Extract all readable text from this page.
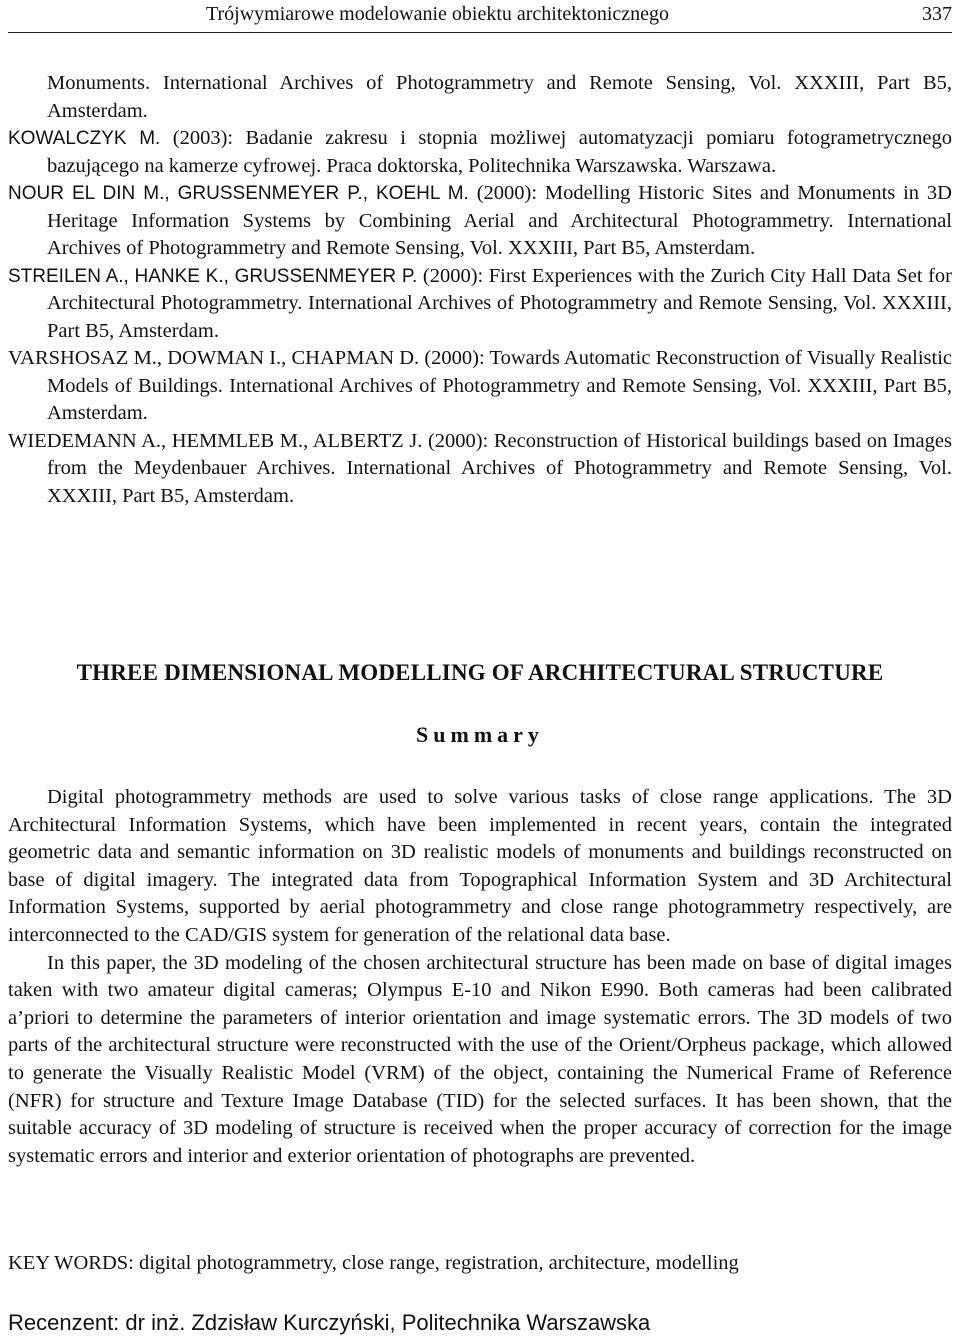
Trójwymiarowe modelowanie obiektu architektonicznego	337

Monuments. International Archives of Photogrammetry and Remote Sensing, Vol. XXXIII, Part B5, Amsterdam.

KOWALCZYK M. (2003): Badanie zakresu i stopnia możliwej automatyzacji pomiaru fotogrametrycznego bazującego na kamerze cyfrowej. Praca doktorska, Politechnika Warszawska. Warszawa.

NOUR EL DIN M., GRUSSENMEYER P., KOEHL M. (2000): Modelling Historic Sites and Monuments in 3D Heritage Information Systems by Combining Aerial and Architectural Photogrammetry. International Archives of Photogrammetry and Remote Sensing, Vol. XXXIII, Part B5, Amsterdam.

STREILEN A., HANKE K., GRUSSENMEYER P. (2000): First Experiences with the Zurich City Hall Data Set for Architectural Photogrammetry. International Archives of Photogrammetry and Remote Sensing, Vol. XXXIII, Part B5, Amsterdam.

VARSHOSAZ M., DOWMAN I., CHAPMAN D. (2000): Towards Automatic Reconstruction of Visually Realistic Models of Buildings. International Archives of Photogrammetry and Remote Sensing, Vol. XXXIII, Part B5, Amsterdam.

WIEDEMANN A., HEMMLEB M., ALBERTZ J. (2000): Reconstruction of Historical buildings based on Images from the Meydenbauer Archives. International Archives of Photogrammetry and Remote Sensing, Vol. XXXIII, Part B5, Amsterdam.

THREE DIMENSIONAL MODELLING OF ARCHITECTURAL STRUCTURE
Summary

Digital photogrammetry methods are used to solve various tasks of close range applications. The 3D Architectural Information Systems, which have been implemented in recent years, contain the integrated geometric data and semantic information on 3D realistic models of monuments and buildings reconstructed on base of digital imagery. The integrated data from Topographical Information System and 3D Architectural Information Systems, supported by aerial photogrammetry and close range photogrammetry respectively, are interconnected to the CAD/GIS system for generation of the relational data base.

In this paper, the 3D modeling of the chosen architectural structure has been made on base of digital images taken with two amateur digital cameras; Olympus E-10 and Nikon E990. Both cameras had been calibrated a’priori to determine the parameters of interior orientation and image systematic errors. The 3D models of two parts of the architectural structure were reconstructed with the use of the Orient/Orpheus package, which allowed to generate the Visually Realistic Model (VRM) of the object, containing the Numerical Frame of Reference (NFR) for structure and Texture Image Database (TID) for the selected surfaces. It has been shown, that the suitable accuracy of 3D modeling of structure is received when the proper accuracy of correction for the image systematic errors and interior and exterior orientation of photographs are prevented.

KEY WORDS: digital photogrammetry, close range, registration, architecture, modelling
Recenzent: dr inż. Zdzisław Kurczyński, Politechnika Warszawska
